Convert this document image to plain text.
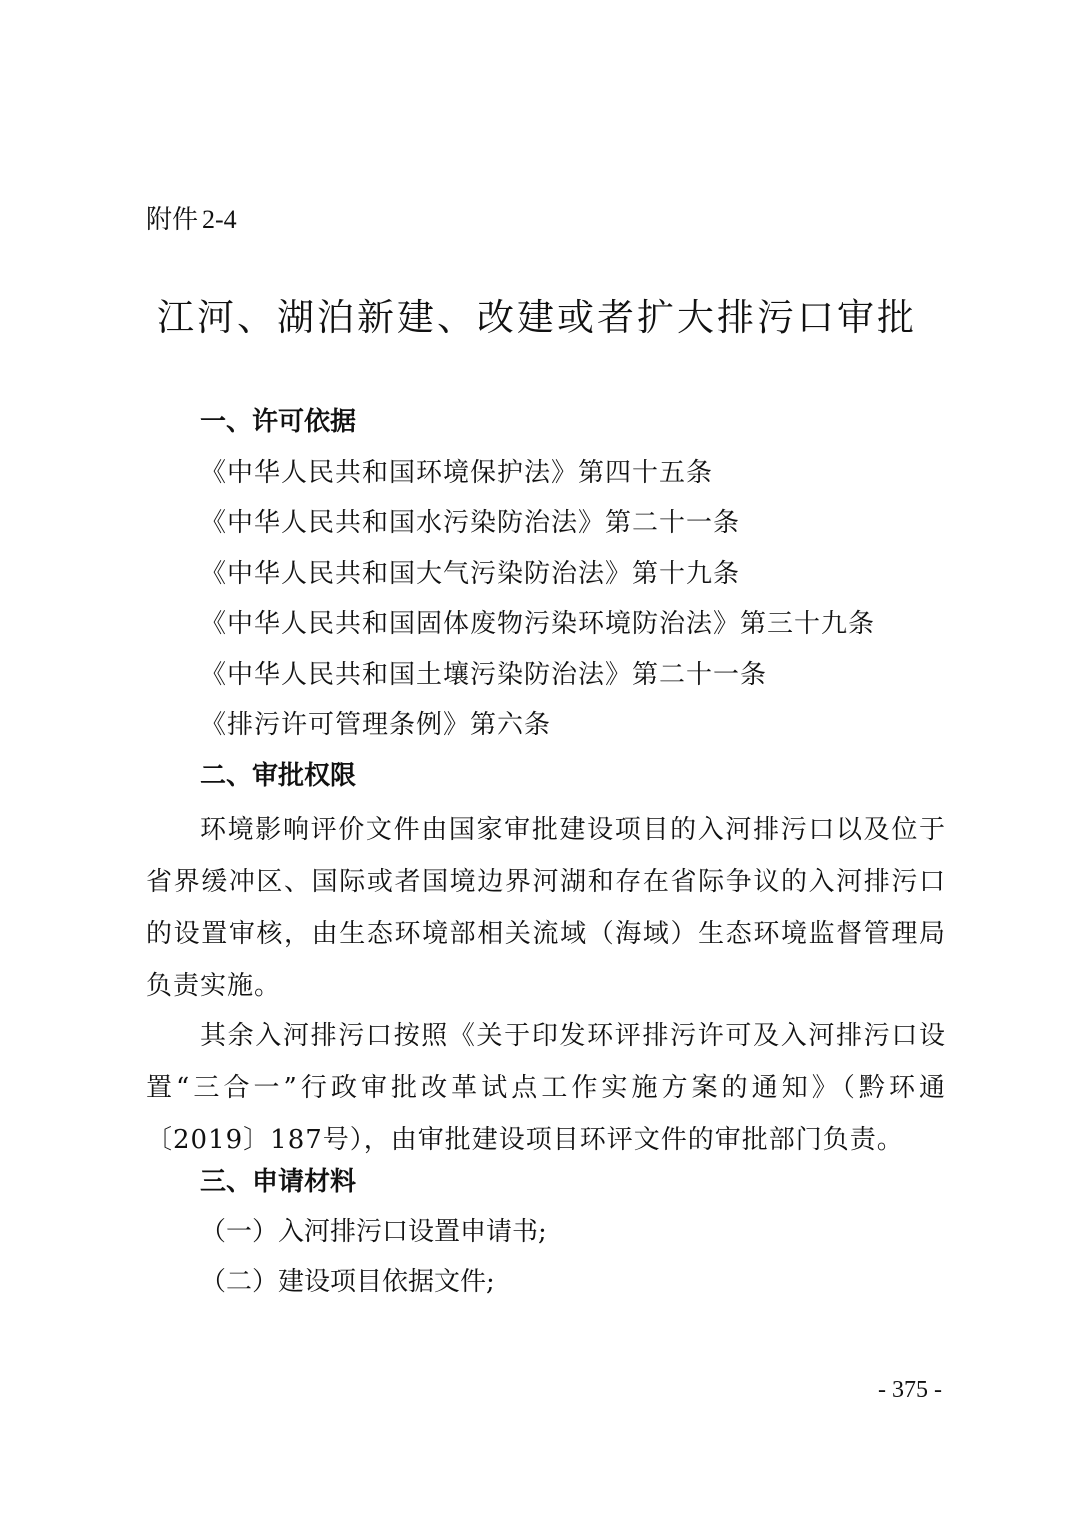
附件 2-4
江河、湖泊新建、改建或者扩大排污口审批
一、许可依据
《中华人民共和国环境保护法》第四十五条
《中华人民共和国水污染防治法》第二十一条
《中华人民共和国大气污染防治法》第十九条
《中华人民共和国固体废物污染环境防治法》第三十九条
《中华人民共和国土壤污染防治法》第二十一条
《排污许可管理条例》第六条
二、审批权限
环境影响评价文件由国家审批建设项目的入河排污口以及位于省界缓冲区、国际或者国境边界河湖和存在省际争议的入河排污口的设置审核，由生态环境部相关流域（海域）生态环境监督管理局负责实施。
其余入河排污口按照《关于印发环评排污许可及入河排污口设置“三合一”行政审批改革试点工作实施方案的通知》（黔环通〔2019〕187号），由审批建设项目环评文件的审批部门负责。
三、申请材料
（一）入河排污口设置申请书;
（二）建设项目依据文件;
- 375 -
